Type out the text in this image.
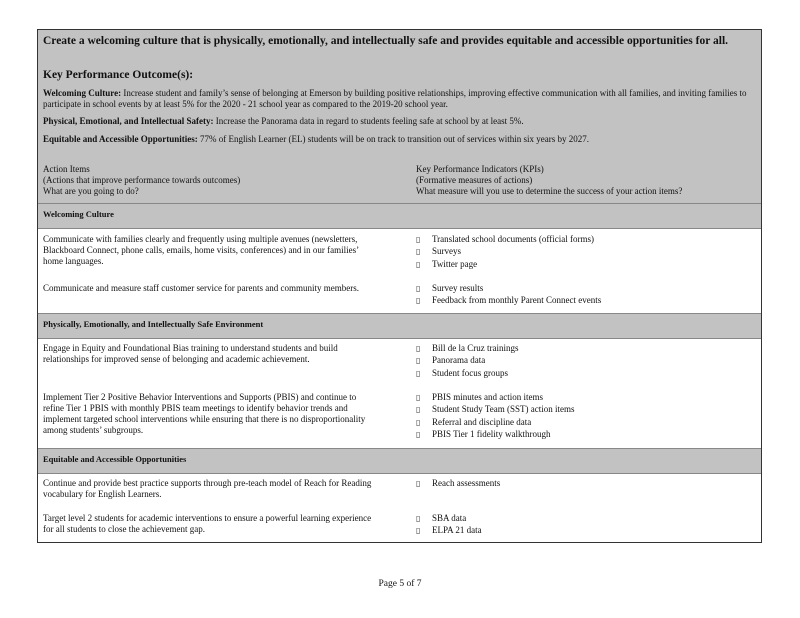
Create a welcoming culture that is physically, emotionally, and intellectually safe and provides equitable and accessible opportunities for all.
Key Performance Outcome(s):
Welcoming Culture: Increase student and family’s sense of belonging at Emerson by building positive relationships, improving effective communication with all families, and inviting families to participate in school events by at least 5% for the 2020 - 21 school year as compared to the 2019-20 school year.
Physical, Emotional, and Intellectual Safety: Increase the Panorama data in regard to students feeling safe at school by at least 5%.
Equitable and Accessible Opportunities: 77% of English Learner (EL) students will be on track to transition out of services within six years by 2027.
Action Items
(Actions that improve performance towards outcomes)
What are you going to do?
Key Performance Indicators (KPIs)
(Formative measures of actions)
What measure will you use to determine the success of your action items?
Welcoming Culture
Communicate with families clearly and frequently using multiple avenues (newsletters, Blackboard Connect, phone calls, emails, home visits, conferences) and in our families’ home languages.
▯ Translated school documents (official forms)
▯ Surveys
▯ Twitter page
Communicate and measure staff customer service for parents and community members.
▯	Survey results
▯ Feedback from monthly Parent Connect events
Physically, Emotionally, and Intellectually Safe Environment
Engage in Equity and Foundational Bias training to understand students and build relationships for improved sense of belonging and academic achievement.
▯ Bill de la Cruz trainings
▯ Panorama data
▯ Student focus groups
Implement Tier 2 Positive Behavior Interventions and Supports (PBIS) and continue to refine Tier 1 PBIS with monthly PBIS team meetings to identify behavior trends and implement targeted school interventions while ensuring that there is no disproportionality among students’ subgroups.
▯ PBIS minutes and action items
▯ Student Study Team (SST) action items
▯ Referral and discipline data
▯ PBIS Tier 1 fidelity walkthrough
Equitable and Accessible Opportunities
Continue and provide best practice supports through pre-teach model of Reach for Reading vocabulary for English Learners.
▯ Reach assessments
Target level 2 students for academic interventions to ensure a powerful learning experience for all students to close the achievement gap.
▯ SBA data
▯ ELPA 21 data
Page 5 of 7
